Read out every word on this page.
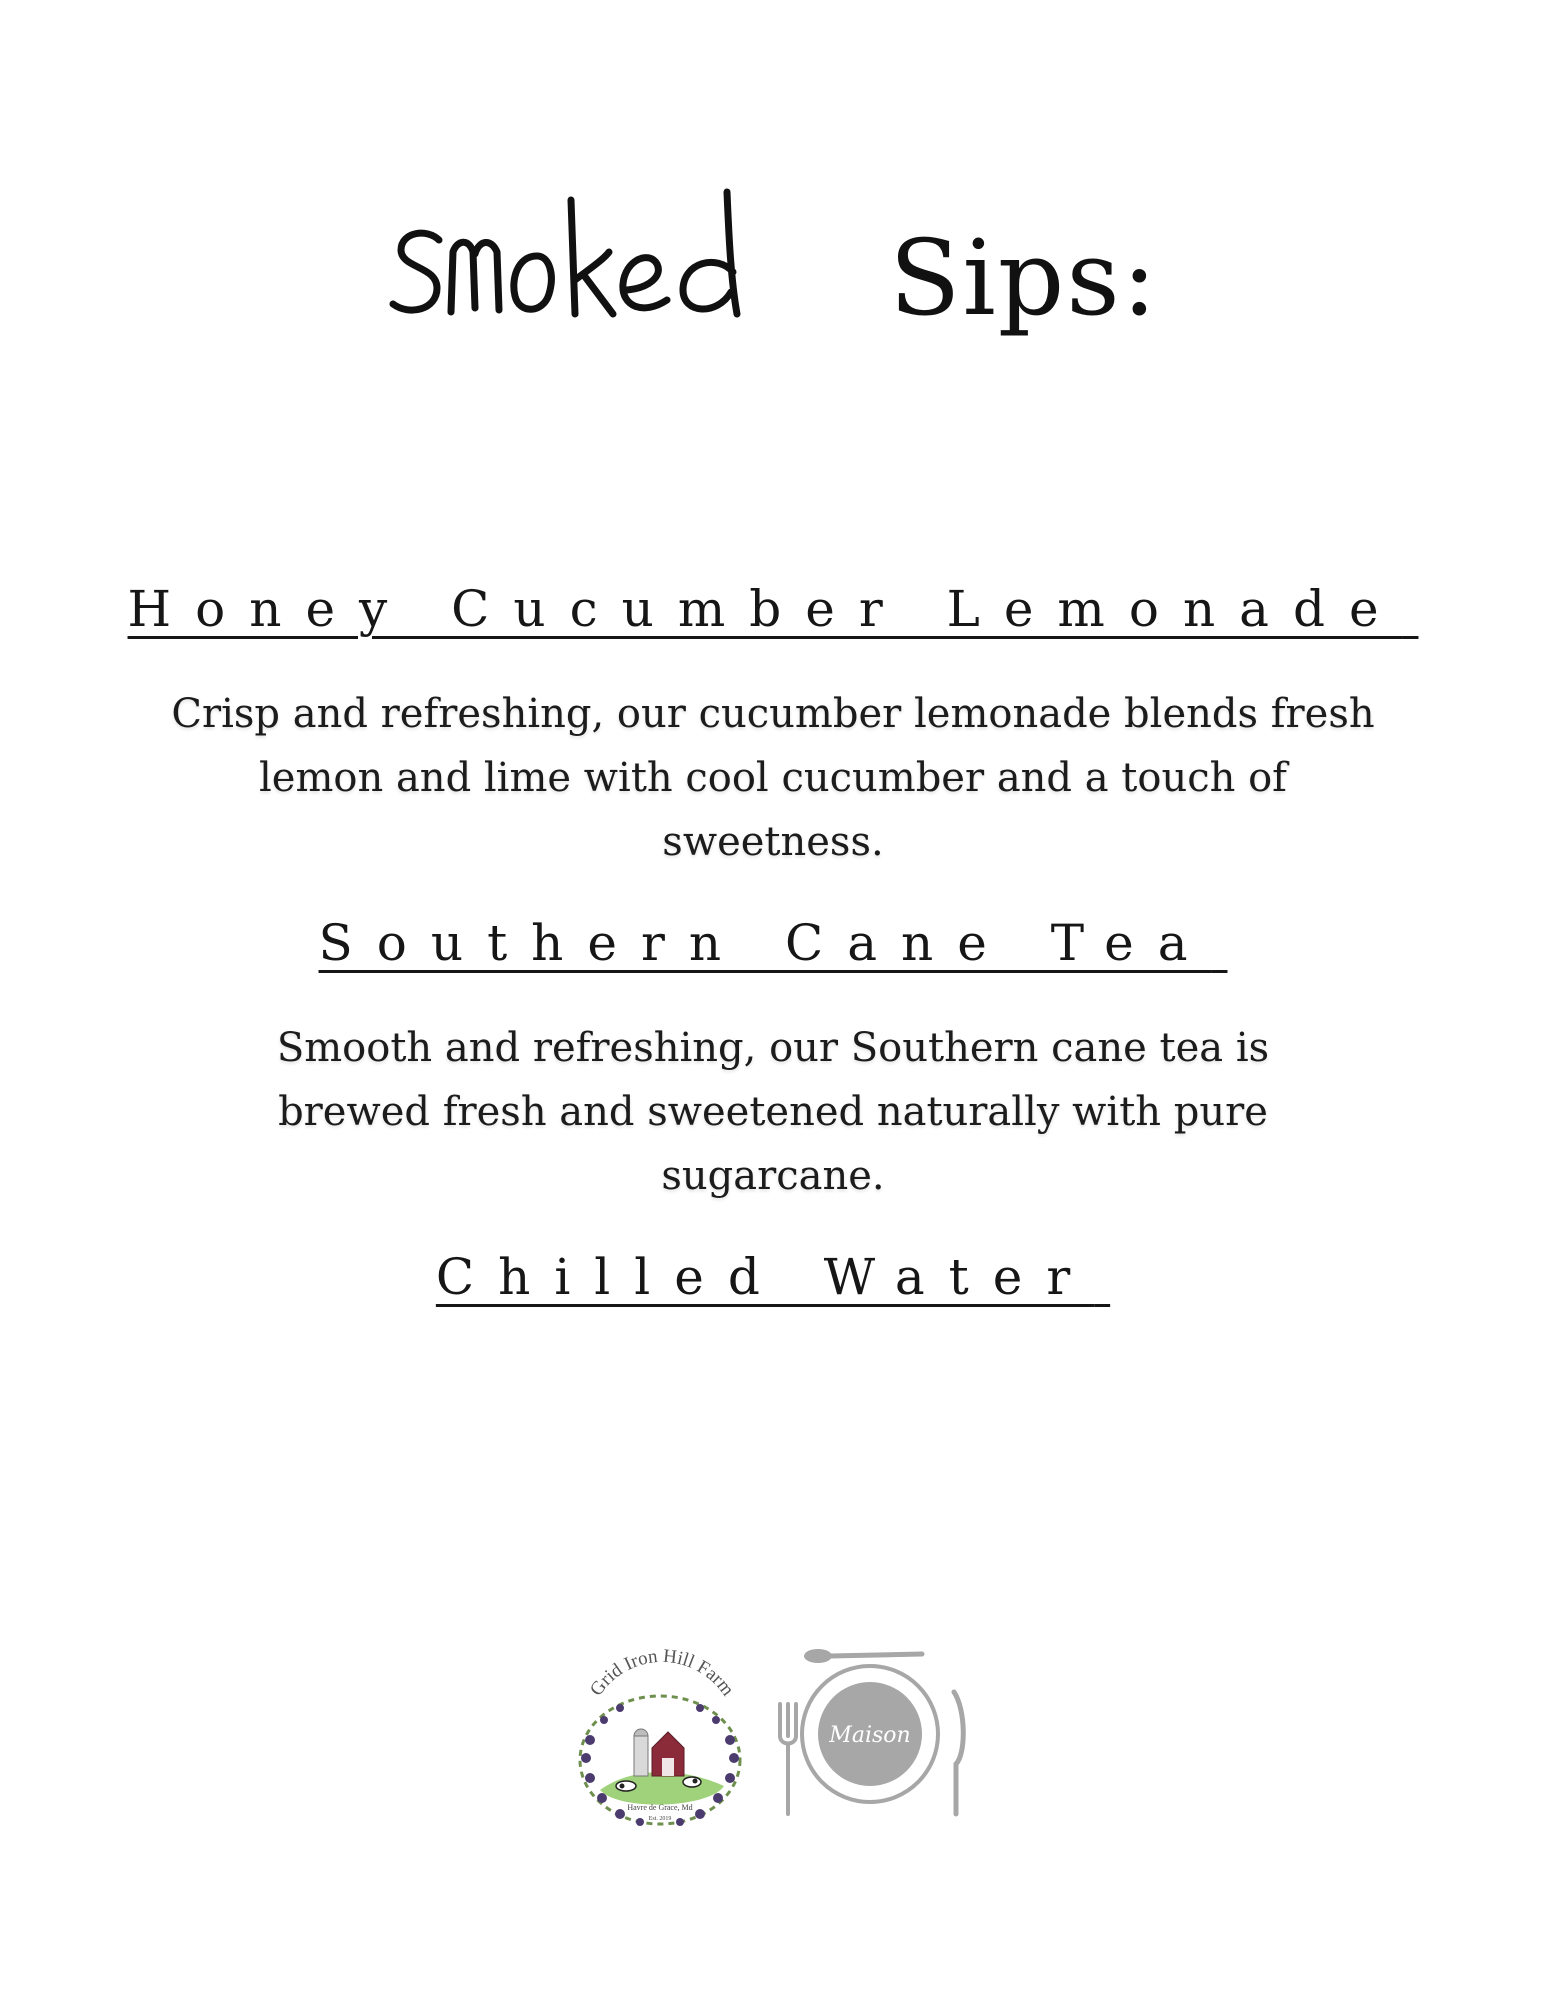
Sips:
Honey Cucumber Lemonade
Crisp and refreshing, our cucumber lemonade blends fresh lemon and lime with cool cucumber and a touch of sweetness.
Southern Cane Tea
Smooth and refreshing, our Southern cane tea is brewed fresh and sweetened naturally with pure sugarcane.
Chilled Water
Grid Iron Hill Farm
Havre de Grace, Md
Est. 2019
Maison
